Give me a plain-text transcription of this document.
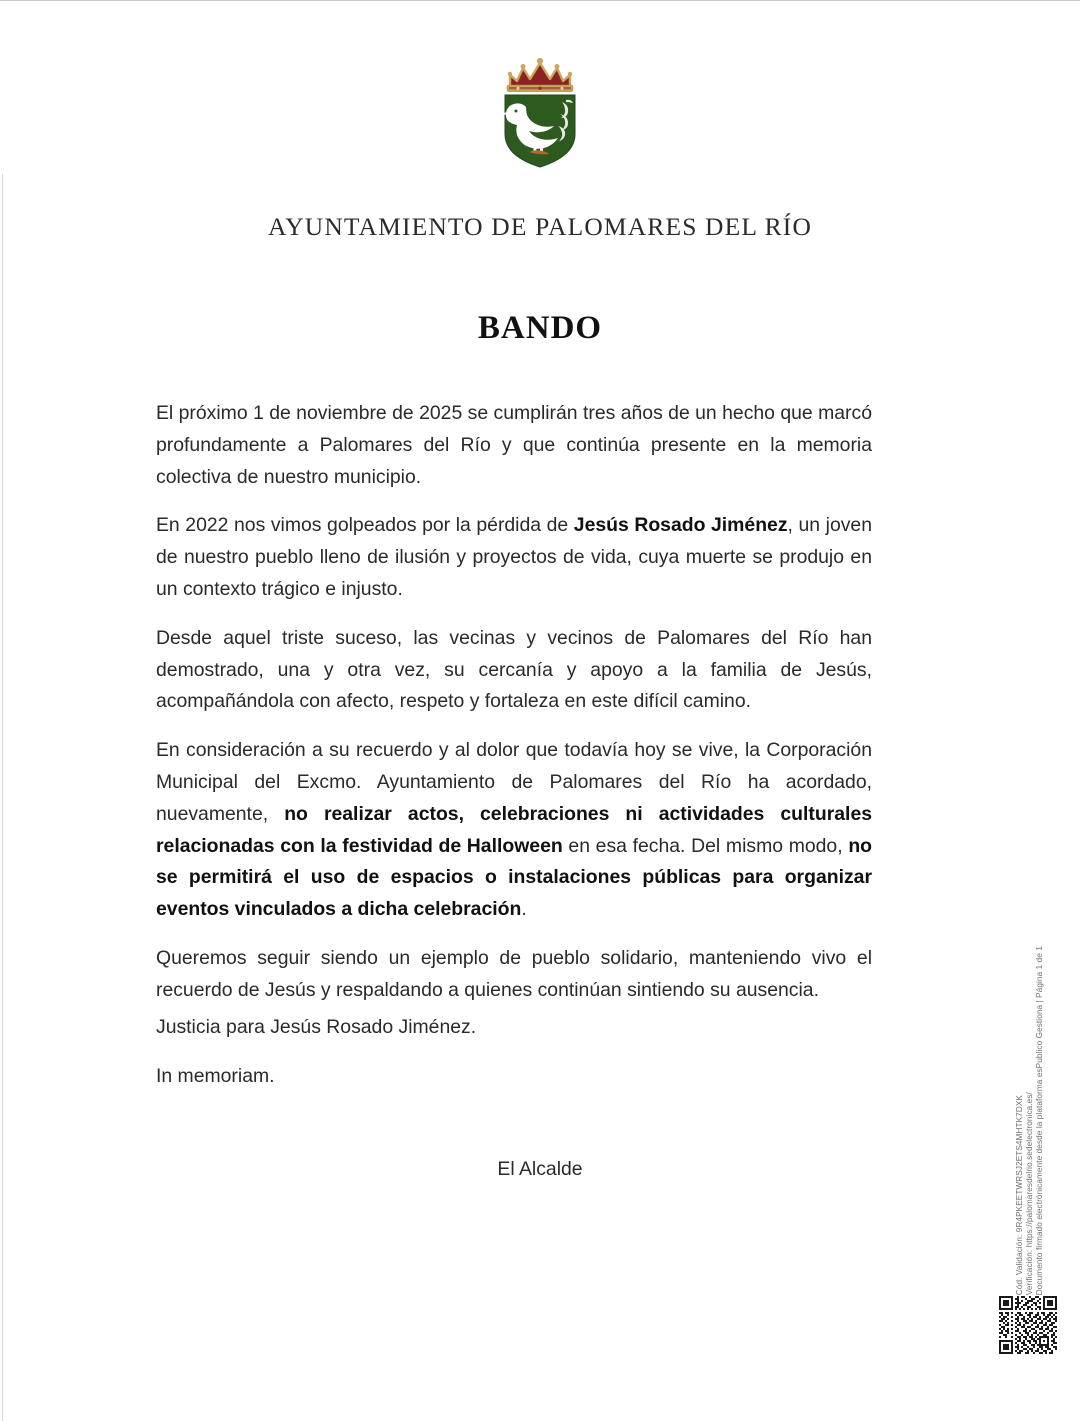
AYUNTAMIENTO DE PALOMARES DEL RÍO
BANDO

El próximo 1 de noviembre de 2025 se cumplirán tres años de un hecho que marcó profundamente a Palomares del Río y que continúa presente en la memoria colectiva de nuestro municipio.

En 2022 nos vimos golpeados por la pérdida de Jesús Rosado Jiménez, un joven de nuestro pueblo lleno de ilusión y proyectos de vida, cuya muerte se produjo en un contexto trágico e injusto.

Desde aquel triste suceso, las vecinas y vecinos de Palomares del Río han demostrado, una y otra vez, su cercanía y apoyo a la familia de Jesús, acompañándola con afecto, respeto y fortaleza en este difícil camino.

En consideración a su recuerdo y al dolor que todavía hoy se vive, la Corporación Municipal del Excmo. Ayuntamiento de Palomares del Río ha acordado, nuevamente, no realizar actos, celebraciones ni actividades culturales relacionadas con la festividad de Halloween en esa fecha. Del mismo modo, no se permitirá el uso de espacios o instalaciones públicas para organizar eventos vinculados a dicha celebración.

Queremos seguir siendo un ejemplo de pueblo solidario, manteniendo vivo el recuerdo de Jesús y respaldando a quienes continúan sintiendo su ausencia.

Justicia para Jesús Rosado Jiménez.

In memoriam.

El Alcalde	Cód. Validación: 9R4PKEETWRSJ2ETS4MHTK7DXK Verificación: https://palomaresdelrio.sedelectronica.es/ Documento firmado electrónicamente desde la plataforma esPublico Gestiona | Página 1 de 1
